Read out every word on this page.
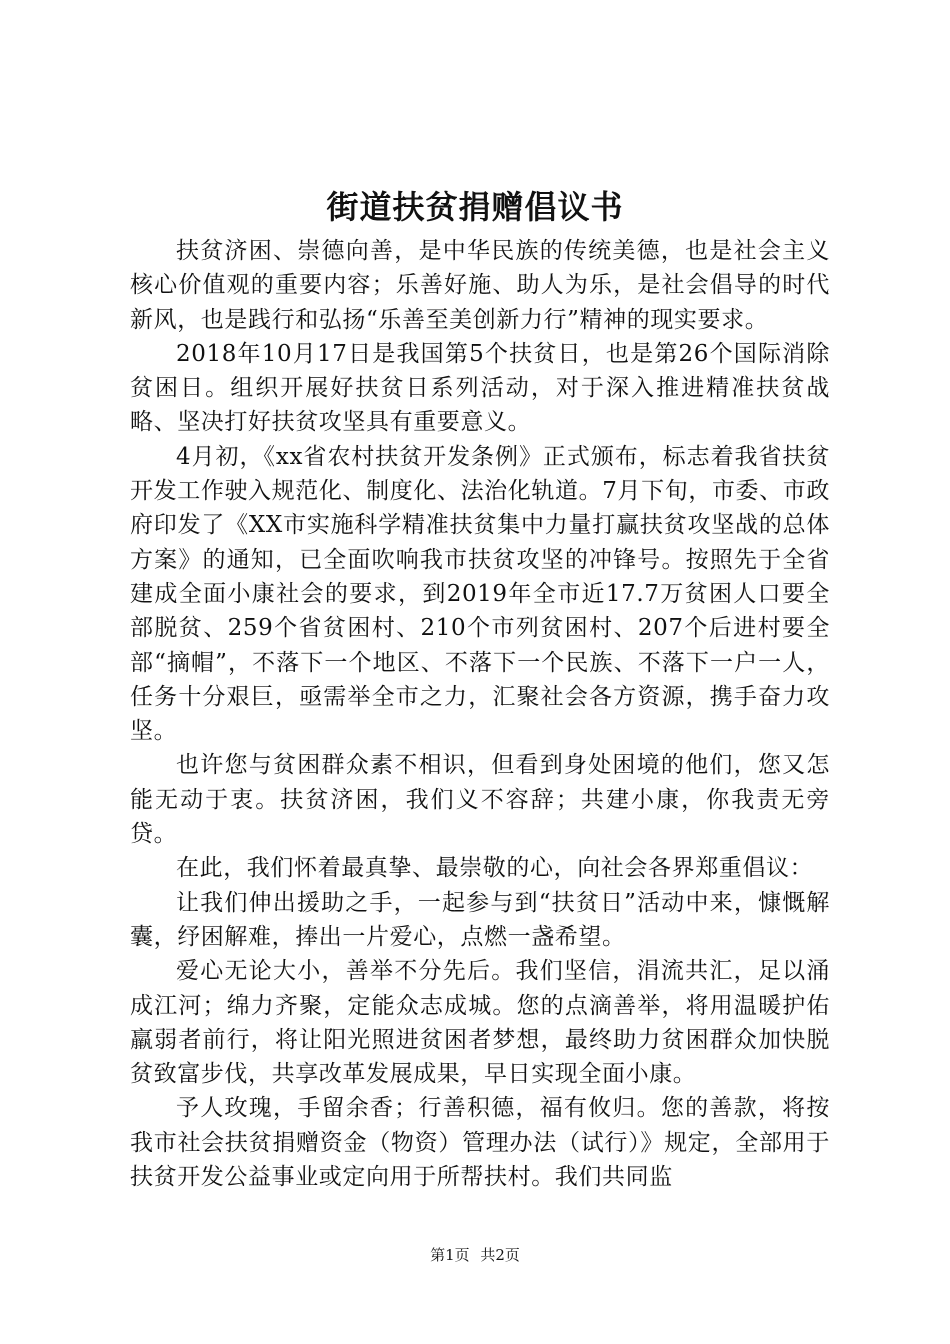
街道扶贫捐赠倡议书

扶贫济困、崇德向善，是中华民族的传统美德，也是社会主义核心价值观的重要内容；乐善好施、助人为乐，是社会倡导的时代新风，也是践行和弘扬“乐善至美创新力行”精神的现实要求。

2018年10月17日是我国第5个扶贫日，也是第26个国际消除贫困日。组织开展好扶贫日系列活动，对于深入推进精准扶贫战略、坚决打好扶贫攻坚具有重要意义。

4月初，《xx省农村扶贫开发条例》正式颁布，标志着我省扶贫开发工作驶入规范化、制度化、法治化轨道。7月下旬，市委、市政府印发了《XX市实施科学精准扶贫集中力量打赢扶贫攻坚战的总体方案》的通知，已全面吹响我市扶贫攻坚的冲锋号。按照先于全省建成全面小康社会的要求，到2019年全市近17.7万贫困人口要全部脱贫、259个省贫困村、210个市列贫困村、207个后进村要全部“摘帽”，不落下一个地区、不落下一个民族、不落下一户一人，任务十分艰巨，亟需举全市之力，汇聚社会各方资源，携手奋力攻坚。

也许您与贫困群众素不相识，但看到身处困境的他们，您又怎能无动于衷。扶贫济困，我们义不容辞；共建小康，你我责无旁贷。

在此，我们怀着最真挚、最崇敬的心，向社会各界郑重倡议：

让我们伸出援助之手，一起参与到“扶贫日”活动中来，慷慨解囊，纾困解难，捧出一片爱心，点燃一盏希望。

爱心无论大小，善举不分先后。我们坚信，涓流共汇，足以涌成江河；绵力齐聚，定能众志成城。您的点滴善举，将用温暖护佑羸弱者前行，将让阳光照进贫困者梦想，最终助力贫困群众加快脱贫致富步伐，共享改革发展成果，早日实现全面小康。

予人玫瑰，手留余香；行善积德，福有攸归。您的善款，将按我市社会扶贫捐赠资金（物资）管理办法（试行）》规定，全部用于扶贫开发公益事业或定向用于所帮扶村。我们共同监

第1页 共2页
